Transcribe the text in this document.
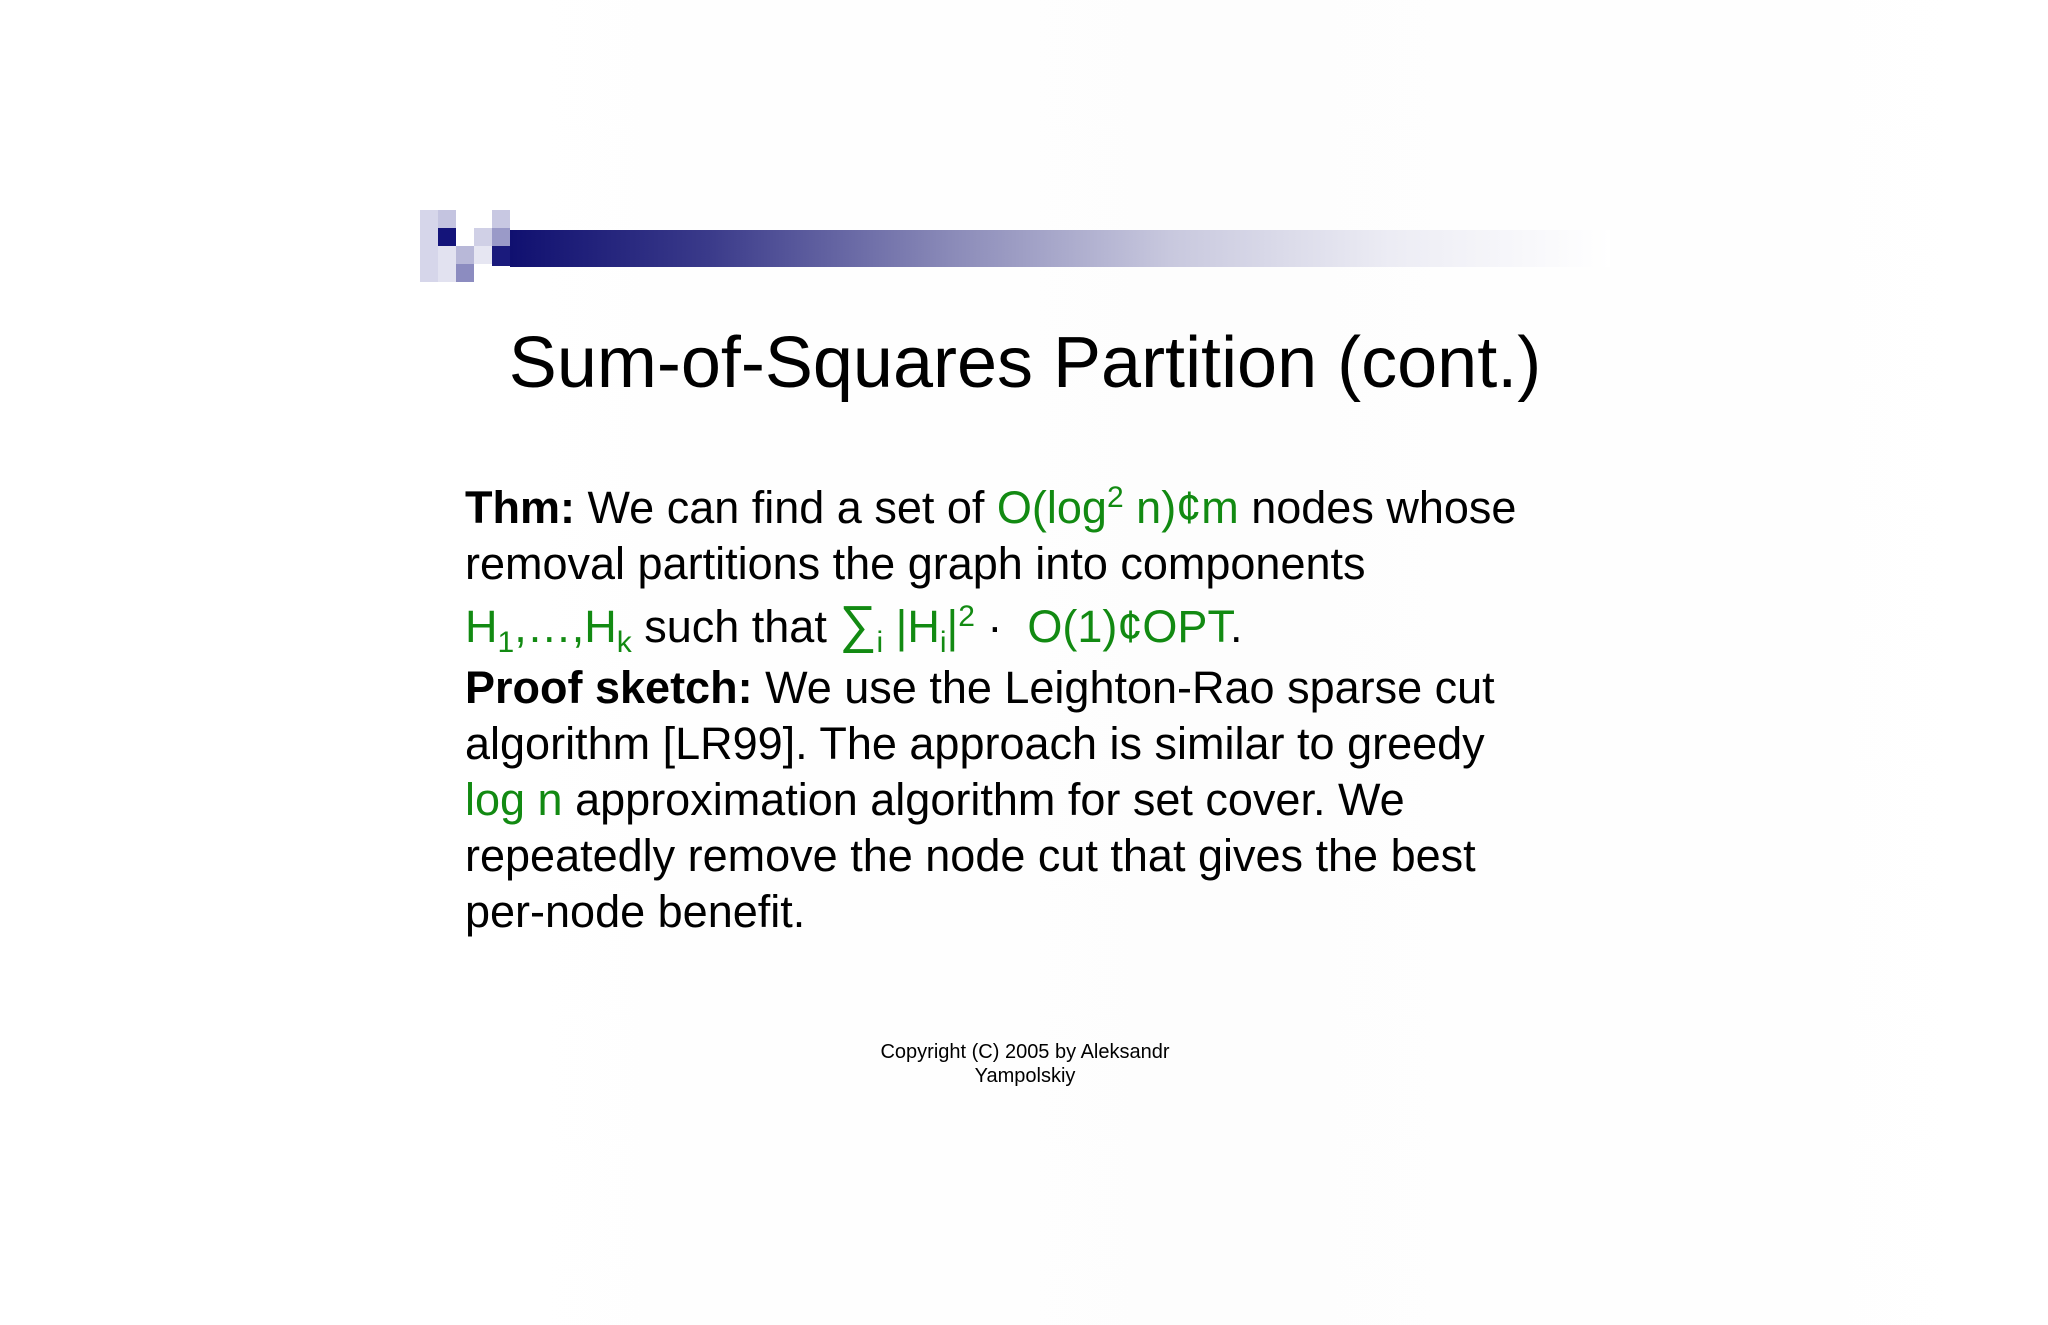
Sum-of-Squares Partition (cont.)
Thm: We can find a set of $O(\log^2$ n)¢m nodes whose
removal partitions the graph into components
$H_1,\dots,H_k$ such that $\sum_i$ $|H_i|^2$ · O(1)¢OPT.
Proof sketch: We use the Leighton-Rao sparse cut
algorithm [LR99]. The approach is similar to greedy
log n approximation algorithm for set cover. We
repeatedly remove the node cut that gives the best
per-node benefit.
Copyright (C) 2005 by Aleksandr
Yampolskiy
